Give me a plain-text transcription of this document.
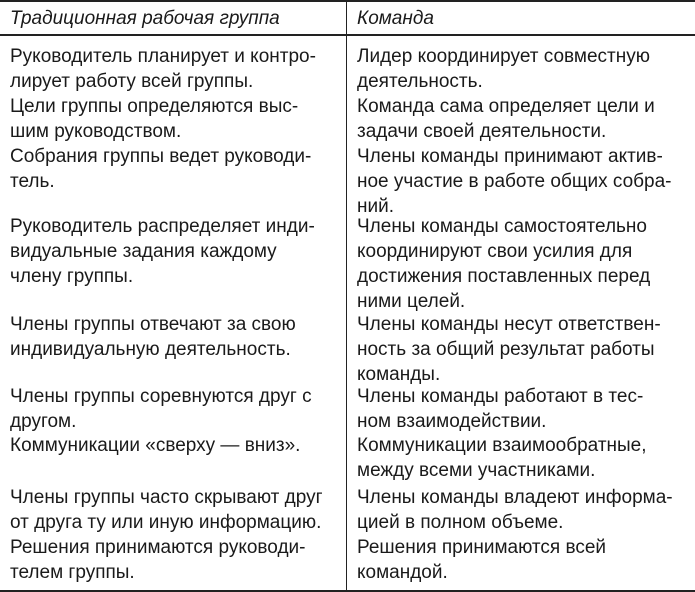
Традиционная рабочая группа	Команда
Руководитель планирует и контро-
лирует работу всей группы.
Лидер координирует совместную
деятельность.
Цели группы определяются выс-
шим руководством.
Команда сама определяет цели и
задачи своей деятельности.
Собрания группы ведет руководи-
тель.
Члены команды принимают актив-
ное участие в работе общих собра-
ний.
Руководитель распределяет инди-
видуальные задания каждому
члену группы.
Члены команды самостоятельно
координируют свои усилия для
достижения поставленных перед
ними целей.
Члены группы отвечают за свою
индивидуальную деятельность.
Члены команды несут ответствен-
ность за общий результат работы
команды.
Члены группы соревнуются друг с
другом.
Члены команды работают в тес-
ном взаимодействии.
Коммуникации «сверху — вниз».	Коммуникации взаимообратные,
между всеми участниками.
Члены группы часто скрывают друг
от друга ту или иную информацию.
Члены команды владеют информа-
цией в полном объеме.
Решения принимаются руководи-
телем группы.
Решения принимаются всей
командой.
